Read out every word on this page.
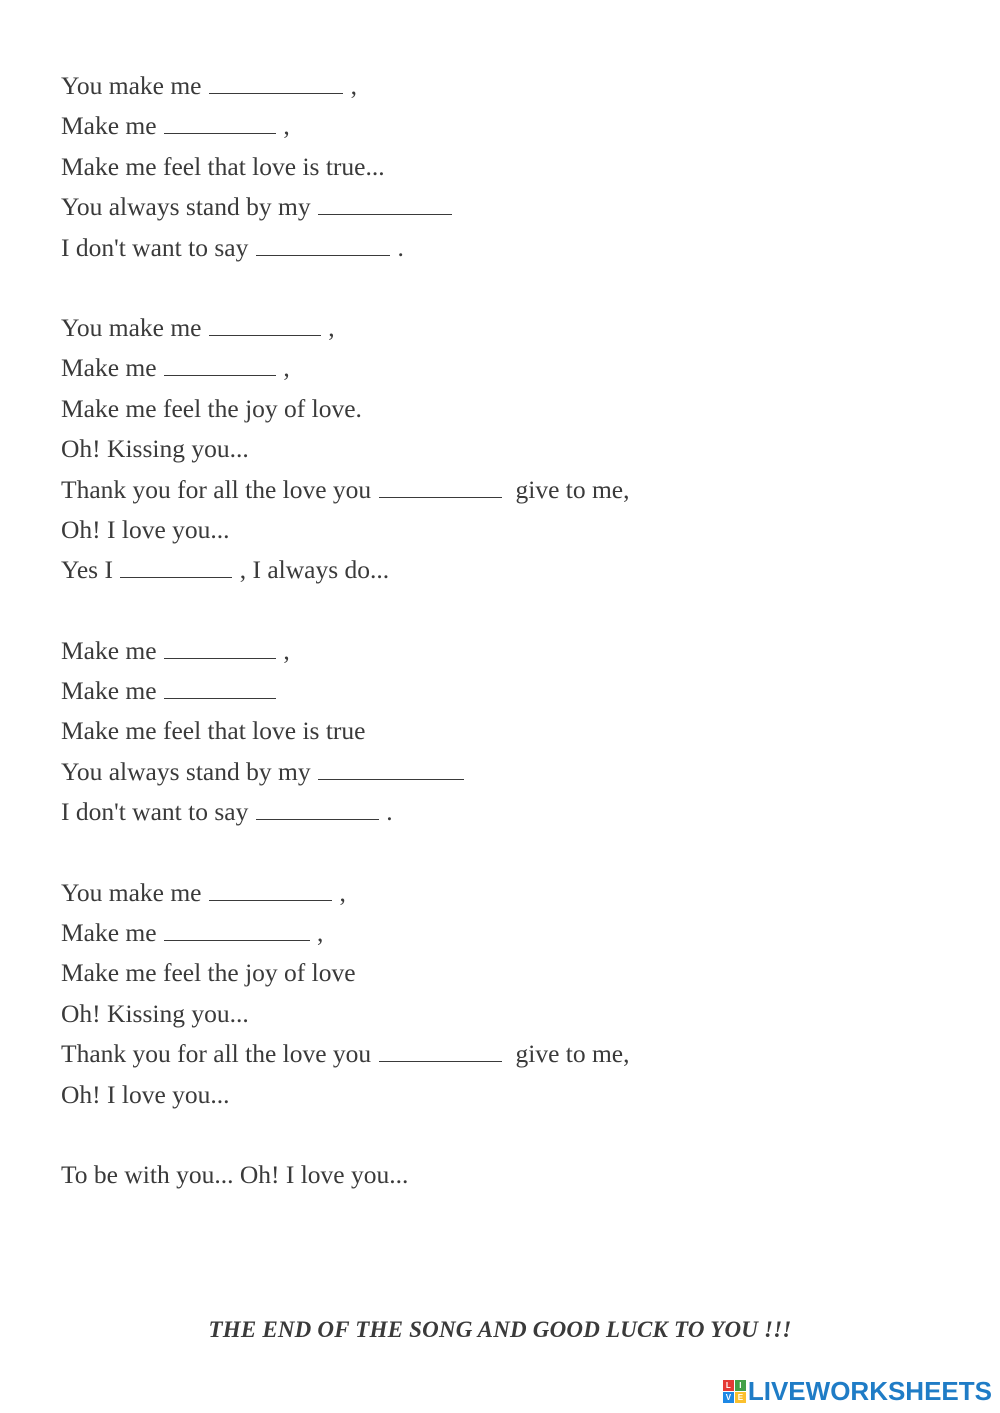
You make me	,
Make me	,
Make me feel that love is true...
You always stand by my
I don't want to say	.
You make me	,
Make me	,
Make me feel the joy of love.
Oh! Kissing you...
Thank you for all the love you	give to me,
Oh! I love you...
Yes I	, I always do...
Make me	,
Make me
Make me feel that love is true
You always stand by my
I don't want to say	.
You make me	,
Make me	,
Make me feel the joy of love
Oh! Kissing you...
Thank you for all the love you	give to me,
Oh! I love you...
To be with you... Oh! I love you...
THE END OF THE SONG AND GOOD LUCK TO YOU !!!
L	I
V E LIVEWORKSHEETS
